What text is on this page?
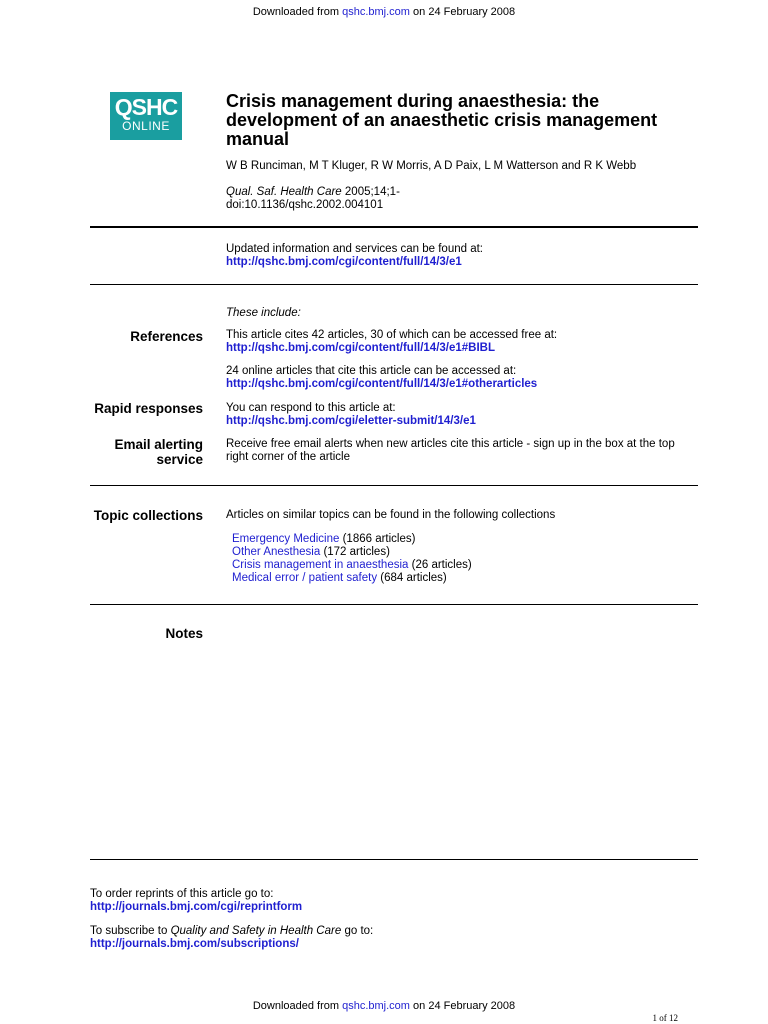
Downloaded from qshc.bmj.com on 24 February 2008
QSHC
ONLINE
Crisis management during anaesthesia: the development of an anaesthetic crisis management manual
W B Runciman, M T Kluger, R W Morris, A D Paix, L M Watterson and R K Webb
Qual. Saf. Health Care 2005;14;1-
doi:10.1136/qshc.2002.004101
Updated information and services can be found at:
http://qshc.bmj.com/cgi/content/full/14/3/e1
These include:
References This article cites 42 articles, 30 of which can be accessed free at:
http://qshc.bmj.com/cgi/content/full/14/3/e1#BIBL
24 online articles that cite this article can be accessed at:
http://qshc.bmj.com/cgi/content/full/14/3/e1#otherarticles
Rapid responses You can respond to this article at:
http://qshc.bmj.com/cgi/eletter-submit/14/3/e1
Email alerting
service
Receive free email alerts when new articles cite this article - sign up in the box at the top right corner of the article
Topic collections Articles on similar topics can be found in the following collections
Emergency Medicine (1866 articles)
Other Anesthesia (172 articles)
Crisis management in anaesthesia (26 articles)
Medical error / patient safety (684 articles)
Notes
To order reprints of this article go to:
http://journals.bmj.com/cgi/reprintform
To subscribe to Quality and Safety in Health Care go to:
http://journals.bmj.com/subscriptions/
Downloaded from qshc.bmj.com on 24 February 2008
1 of 12
